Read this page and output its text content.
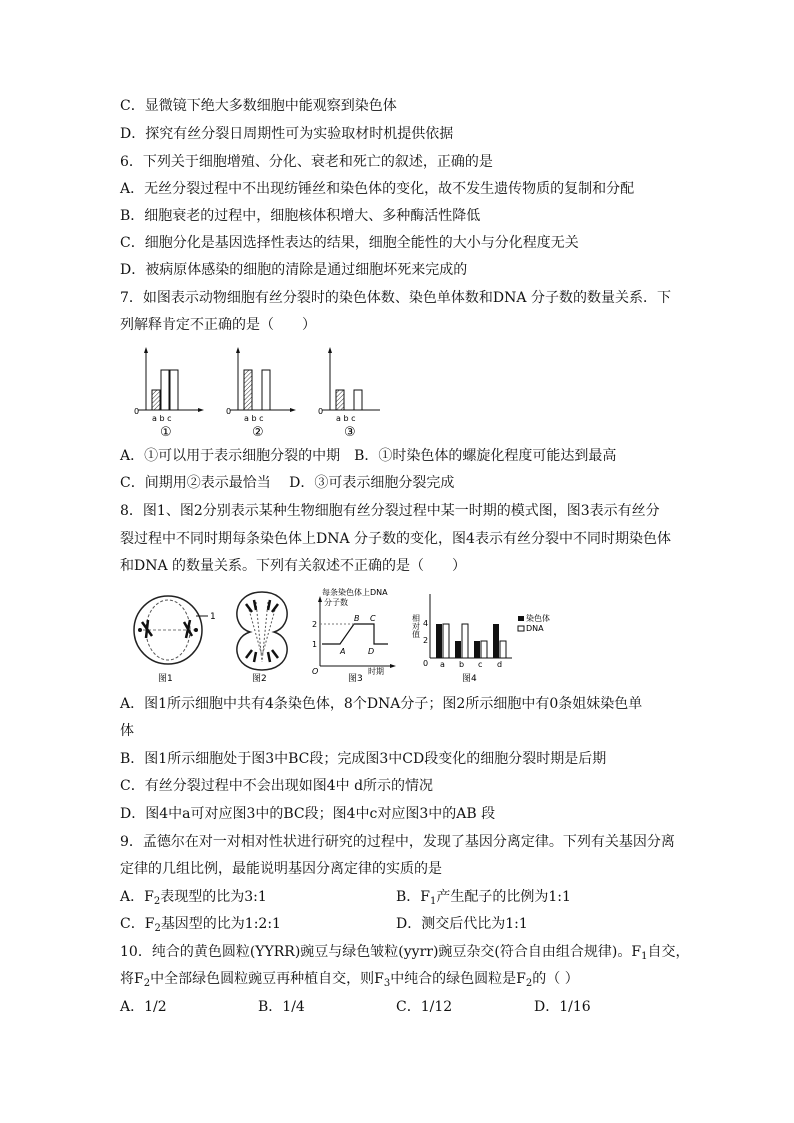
C．显微镜下绝大多数细胞中能观察到染色体
D．探究有丝分裂日周期性可为实验取材时机提供依据
6．下列关于细胞增殖、分化、衰老和死亡的叙述，正确的是
A．无丝分裂过程中不出现纺锤丝和染色体的变化，故不发生遗传物质的复制和分配
B．细胞衰老的过程中，细胞核体积增大、多种酶活性降低
C．细胞分化是基因选择性表达的结果，细胞全能性的大小与分化程度无关
D．被病原体感染的细胞的清除是通过细胞坏死来完成的
7．如图表示动物细胞有丝分裂时的染色体数、染色单体数和DNA 分子数的数量关系．下
列解释肯定不正确的是（　　）
0
a b c
①
0
a b c
②
0
a b c
③
A．①可以用于表示细胞分裂的中期　B．①时染色体的螺旋化程度可能达到最高
C．间期用②表示最恰当　 D．③可表示细胞分裂完成
8．图1、图2分别表示某种生物细胞有丝分裂过程中某一时期的模式图，图3表示有丝分
裂过程中不同时期每条染色体上DNA 分子数的变化，图4表示有丝分裂中不同时期染色体
和DNA 的数量关系。下列有关叙述不正确的是（　　）
1
图1	图2
每条染色体上DNA
分子数
2
1
O
A
B C
D
时期
图3
相对值 4
2
0 a b c d
染色体
DNA
图4
A．图1所示细胞中共有4条染色体，8个DNA分子；图2所示细胞中有0条姐妹染色单
体
B．图1所示细胞处于图3中BC段；完成图3中CD段变化的细胞分裂时期是后期
C．有丝分裂过程中不会出现如图4中 d所示的情况
D．图4中a可对应图3中的BC段；图4中c对应图3中的AB 段
9．孟德尔在对一对相对性状进行研究的过程中，发现了基因分离定律。下列有关基因分离
定律的几组比例，最能说明基因分离定律的实质的是
A．$F_2$表现型的比为3:1	B．$F_1$产生配子的比例为1:1
C．$F_2$基因型的比为1:2:1	D．测交后代比为1:1
10．纯合的黄色圆粒(YYRR)豌豆与绿色皱粒(yyrr)豌豆杂交(符合自由组合规律)。$F_1$自交，
将$F_2$中全部绿色圆粒豌豆再种植自交，则$F_3$中纯合的绿色圆粒是$F_2$的（ ）
A．1/2	B．1/4	C．1/12	D．1/16
